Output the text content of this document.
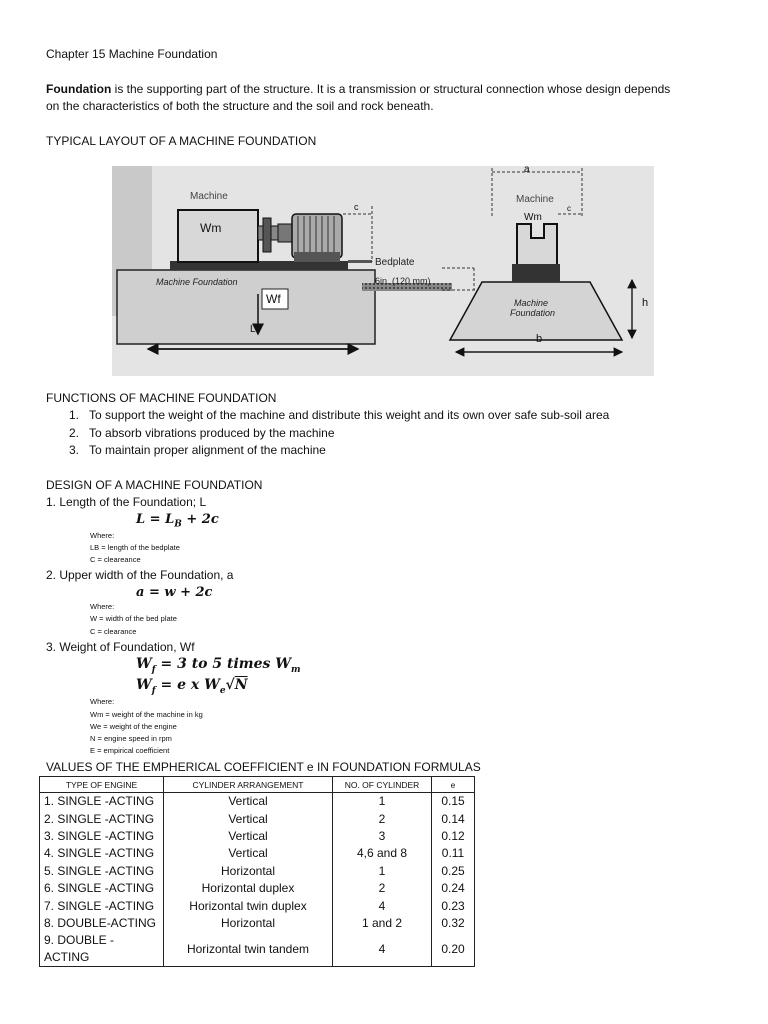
Chapter 15 Machine Foundation
Foundation is the supporting part of the structure. It is a transmission or structural connection whose design depends
on the characteristics of both the structure and the soil and rock beneath.
TYPICAL LAYOUT OF A MACHINE FOUNDATION
Machine
Wm
Machine Foundation
Wf
L
c
Bedplate
6in. (120 mm)
Machine
Wm
c
Machine
Foundation
a
h
b
FUNCTIONS OF MACHINE FOUNDATION
1. To support the weight of the machine and distribute this weight and its own over safe sub-soil area
2. To absorb vibrations produced by the machine
3. To maintain proper alignment of the machine
DESIGN OF A MACHINE FOUNDATION
1. Length of the Foundation; L
$L = L_B + 2c$
Where:
LB = length of the bedplate
C = cleareance
2. Upper width of the Foundation, a
a = w + 2c
Where:
W = width of the bed plate
C = clearance
3. Weight of Foundation, Wf
$W_f = 3$ to 5 times $W_m$
$W_f = e$ x $W_e√N$
Where:
Wm = weight of the machine in kg
We = weight of the engine
N = engine speed in rpm
E = empirical coefficient
VALUES OF THE EMPHERICAL COEFFICIENT e IN FOUNDATION FORMULAS
TYPE OF ENGINE	CYLINDER ARRANGEMENT	NO. OF CYLINDER	e
1. SINGLE -ACTING	Vertical	1	0.15
2. SINGLE -ACTING	Vertical	2	0.14
3. SINGLE -ACTING	Vertical	3	0.12
4. SINGLE -ACTING	Vertical	4,6 and 8	0.11
5. SINGLE -ACTING	Horizontal	1	0.25
6. SINGLE -ACTING	Horizontal duplex	2	0.24
7. SINGLE -ACTING	Horizontal twin duplex	4	0.23
8. DOUBLE-ACTING	Horizontal	1 and 2	0.32
9. DOUBLE -ACTING	Horizontal twin tandem	4	0.20
